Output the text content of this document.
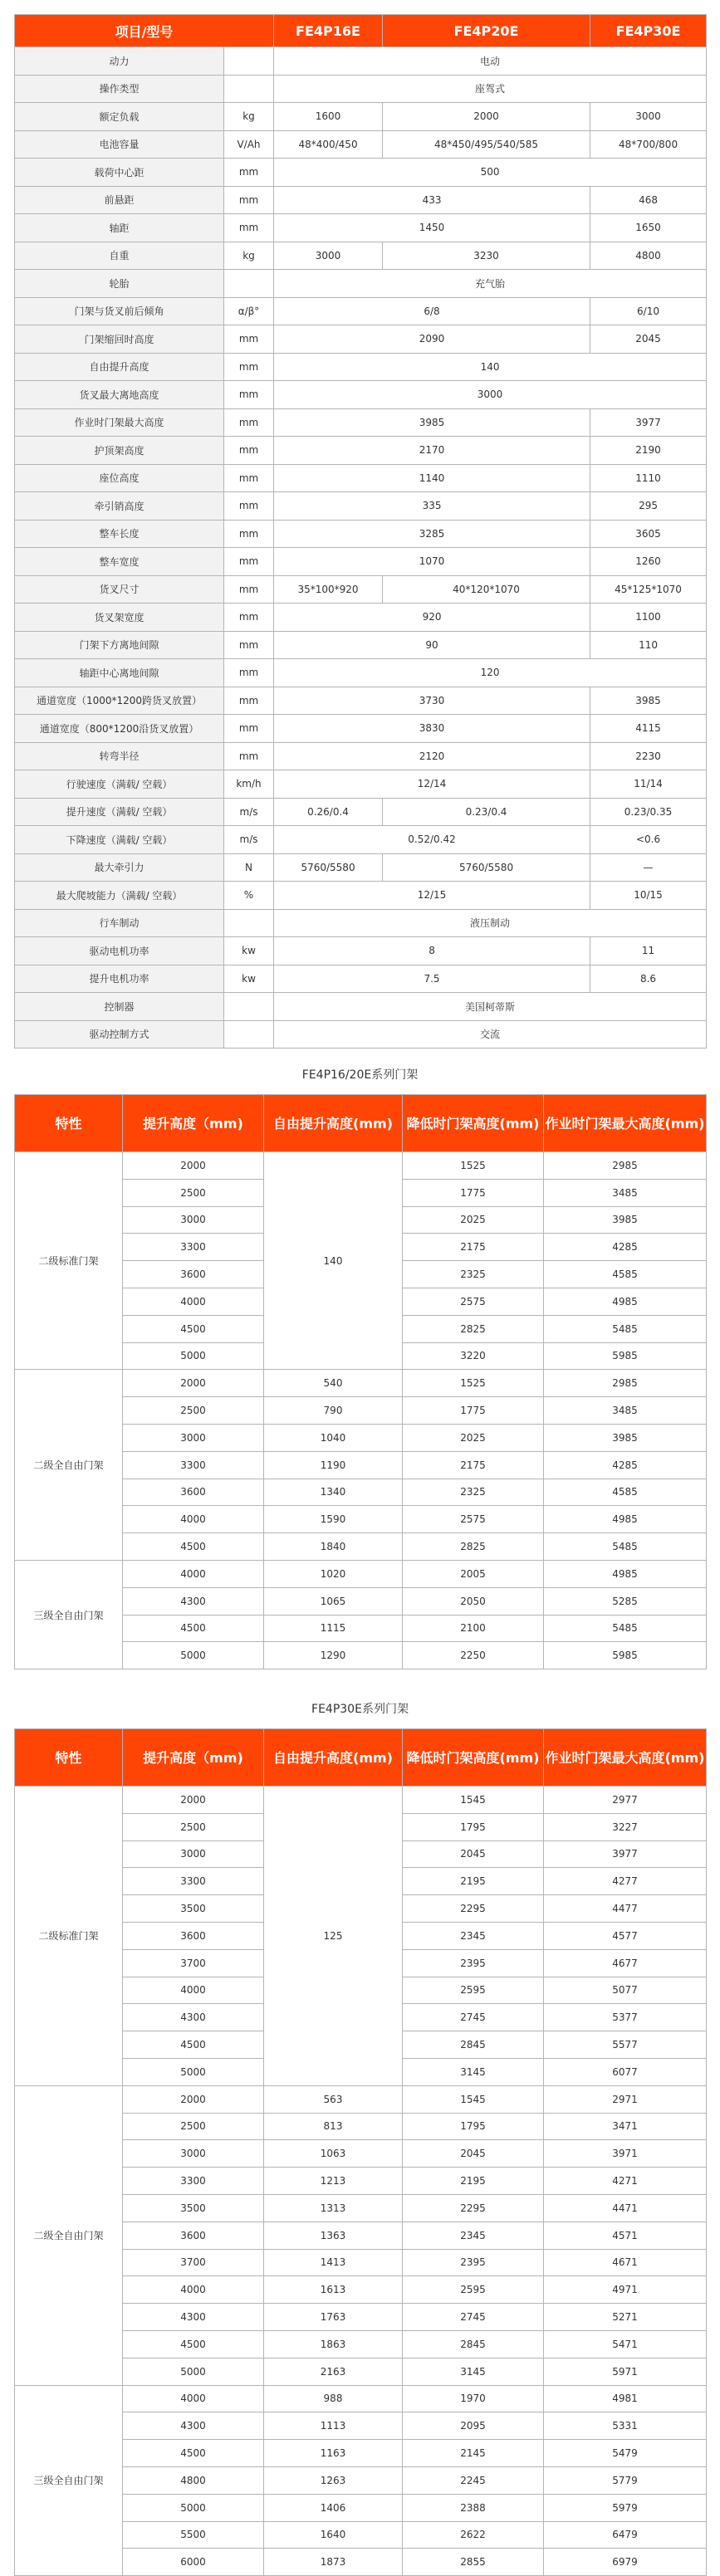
项目/型号		FE4P16E	FE4P20E	FE4P30E
动力		电动		
操作类型		座驾式		
额定负载	kg	1600	2000	3000
电池容量	V/Ah	48*400/450	48*450/495/540/585	48*700/800
载荷中心距	mm	500		
前悬距	mm	433		468
轴距	mm	1450		1650
自重	kg	3000	3230	4800
轮胎		充气胎		
门架与货叉前后倾角	α/β°	6/8		6/10
门架缩回时高度	mm	2090		2045
自由提升高度	mm	140		
货叉最大离地高度	mm	3000		
作业时门架最大高度	mm	3985		3977
护顶架高度	mm	2170		2190
座位高度	mm	1140		1110
牵引销高度	mm	335		295
整车长度	mm	3285		3605
整车宽度	mm	1070		1260
货叉尺寸	mm	35*100*920	40*120*1070	45*125*1070
货叉架宽度	mm	920		1100
门架下方离地间隙	mm	90		110
轴距中心离地间隙	mm	120		
通道宽度（1000*1200跨货叉放置）	mm	3730		3985
通道宽度（800*1200沿货叉放置）	mm	3830		4115
转弯半径	mm	2120		2230
行驶速度（满载/ 空载）	km/h	12/14		11/14
提升速度（满载/ 空载）	m/s	0.26/0.4	0.23/0.4	0.23/0.35
下降速度（满载/ 空载）	m/s	0.52/0.42		<0.6
最大牵引力	N	5760/5580	5760/5580	—
最大爬坡能力（满载/ 空载）	%	12/15		10/15
行车制动		液压制动		
驱动电机功率	kw	8		11
提升电机功率	kw	7.5		8.6
控制器		美国柯蒂斯		
驱动控制方式		交流		
FE4P16/20E系列门架
特性	提升高度（mm)	自由提升高度(mm)	降低时门架高度(mm)	作业时门架最大高度(mm)
二级标准门架	2000	140	1525	2985
	2500		1775	3485
	3000		2025	3985
	3300		2175	4285
	3600		2325	4585
	4000		2575	4985
	4500		2825	5485
	5000		3220	5985
二级全自由门架	2000	540	1525	2985
	2500	790	1775	3485
	3000	1040	2025	3985
	3300	1190	2175	4285
	3600	1340	2325	4585
	4000	1590	2575	4985
	4500	1840	2825	5485
三级全自由门架	4000	1020	2005	4985
	4300	1065	2050	5285
	4500	1115	2100	5485
	5000	1290	2250	5985
FE4P30E系列门架
特性	提升高度（mm)	自由提升高度(mm)	降低时门架高度(mm)	作业时门架最大高度(mm)
二级标准门架	2000	125	1545	2977
	2500		1795	3227
	3000		2045	3977
	3300		2195	4277
	3500		2295	4477
	3600		2345	4577
	3700		2395	4677
	4000		2595	5077
	4300		2745	5377
	4500		2845	5577
	5000		3145	6077
二级全自由门架	2000	563	1545	2971
	2500	813	1795	3471
	3000	1063	2045	3971
	3300	1213	2195	4271
	3500	1313	2295	4471
	3600	1363	2345	4571
	3700	1413	2395	4671
	4000	1613	2595	4971
	4300	1763	2745	5271
	4500	1863	2845	5471
	5000	2163	3145	5971
三级全自由门架	4000	988	1970	4981
	4300	1113	2095	5331
	4500	1163	2145	5479
	4800	1263	2245	5779
	5000	1406	2388	5979
	5500	1640	2622	6479
	6000	1873	2855	6979
